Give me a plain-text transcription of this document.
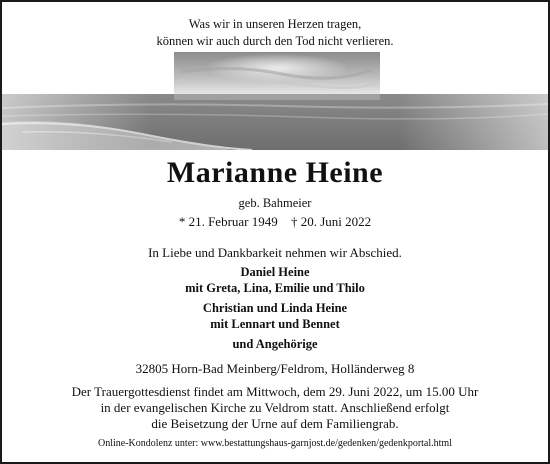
Was wir in unseren Herzen tragen,
können wir auch durch den Tod nicht verlieren.
Marianne Heine
geb. Bahmeier
* 21. Februar 1949 † 20. Juni 2022
In Liebe und Dankbarkeit nehmen wir Abschied.
Daniel Heine
mit Greta, Lina, Emilie und Thilo
Christian und Linda Heine
mit Lennart und Bennet
und Angehörige
32805 Horn-Bad Meinberg/Feldrom, Holländerweg 8
Der Trauergottesdienst findet am Mittwoch, dem 29. Juni 2022, um 15.00 Uhr
in der evangelischen Kirche zu Veldrom statt. Anschließend erfolgt
die Beisetzung der Urne auf dem Familiengrab.
Online-Kondolenz unter: www.bestattungshaus-garnjost.de/gedenken/gedenkportal.html
